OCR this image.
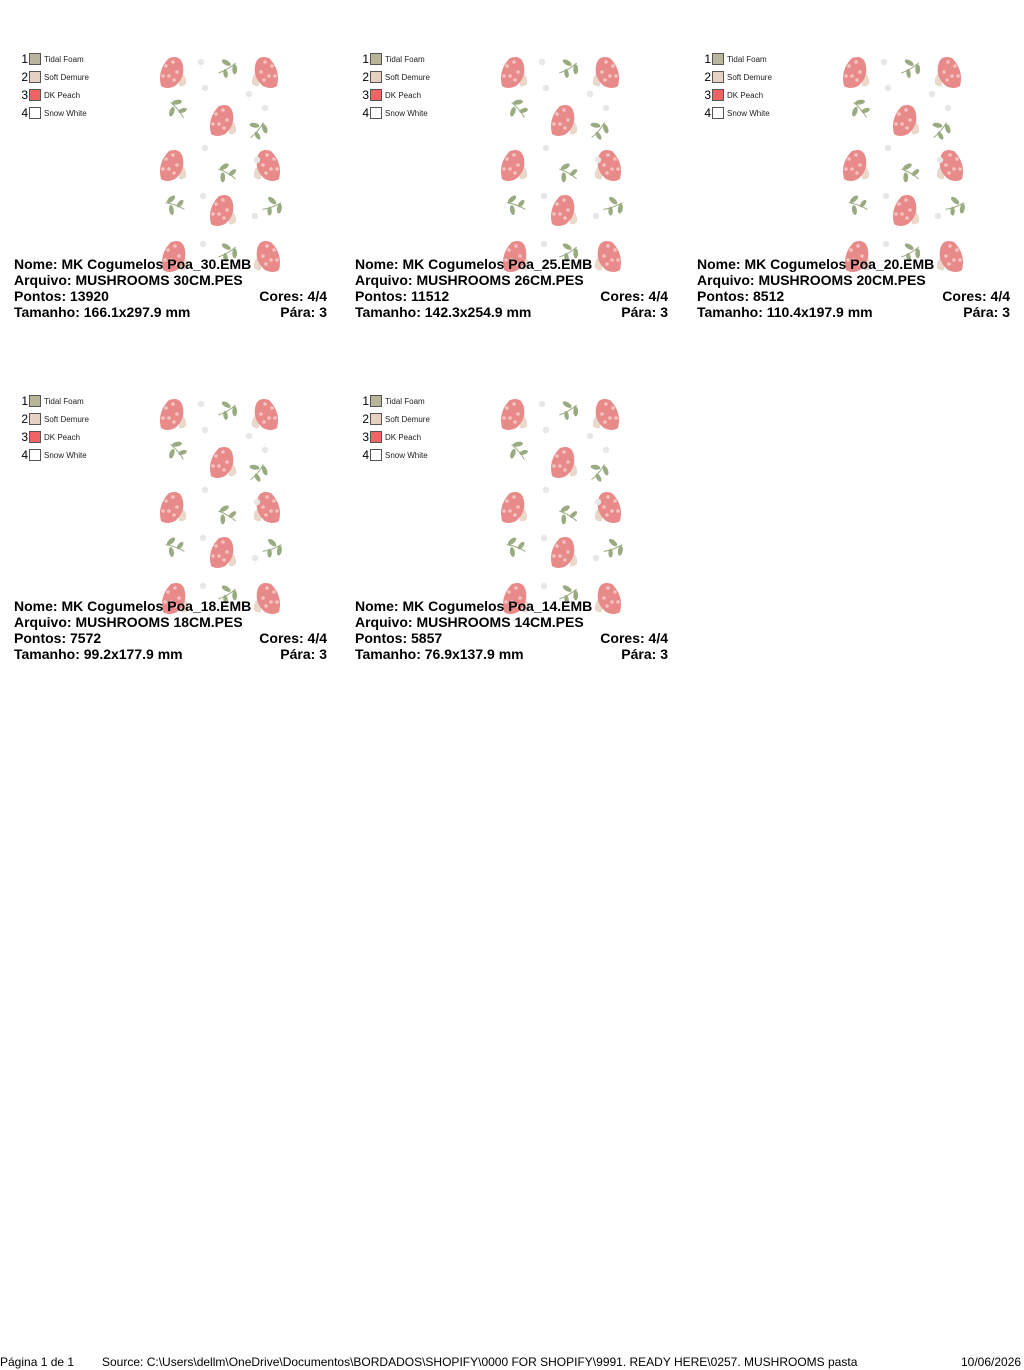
1 Tidal Foam
2 Soft Demure
3 DK Peach
4 Snow White
Nome: MK Cogumelos Poa_30.EMB
Arquivo: MUSHROOMS 30CM.PES
Pontos: 13920	Cores: 4/4
Tamanho: 166.1x297.9 mm	Pára: 3
1 Tidal Foam
2 Soft Demure
3 DK Peach
4 Snow White
Nome: MK Cogumelos Poa_25.EMB
Arquivo: MUSHROOMS 26CM.PES
Pontos: 11512	Cores: 4/4
Tamanho: 142.3x254.9 mm	Pára: 3
1 Tidal Foam
2 Soft Demure
3 DK Peach
4 Snow White
Nome: MK Cogumelos Poa_20.EMB
Arquivo: MUSHROOMS 20CM.PES
Pontos: 8512	Cores: 4/4
Tamanho: 110.4x197.9 mm	Pára: 3
1 Tidal Foam
2 Soft Demure
3 DK Peach
4 Snow White
Nome: MK Cogumelos Poa_18.EMB
Arquivo: MUSHROOMS 18CM.PES
Pontos: 7572	Cores: 4/4
Tamanho: 99.2x177.9 mm	Pára: 3
1 Tidal Foam
2 Soft Demure
3 DK Peach
4 Snow White
Nome: MK Cogumelos Poa_14.EMB
Arquivo: MUSHROOMS 14CM.PES
Pontos: 5857	Cores: 4/4
Tamanho: 76.9x137.9 mm	Pára: 3
Página 1 de 1 Source: C:\Users\dellm\OneDrive\Documentos\BORDADOS\SHOPIFY\0000 FOR SHOPIFY\9991. READY HERE\0257. MUSHROOMS pasta	10/06/2026
